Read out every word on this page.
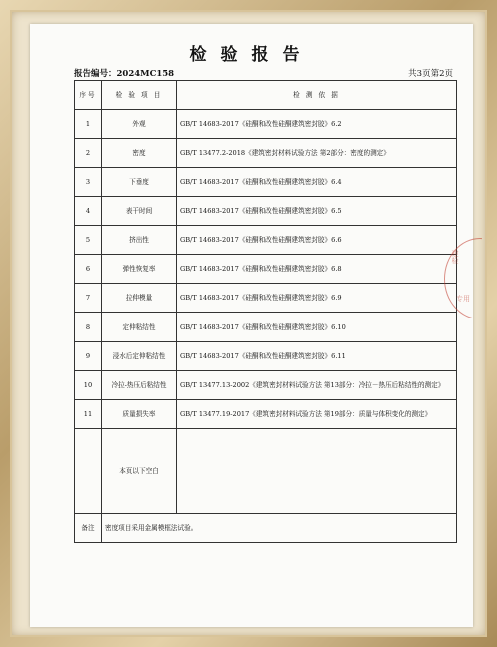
检验报告
报告编号：2024MC158	共3页第2页
序号	检 验 项 目	检 测 依 据
1	外观	GB/T 14683-2017《硅酮和改性硅酮建筑密封胶》6.2
2	密度	GB/T 13477.2-2018《建筑密封材料试验方法 第2部分：密度的测定》
3	下垂度	GB/T 14683-2017《硅酮和改性硅酮建筑密封胶》6.4
4	表干时间	GB/T 14683-2017《硅酮和改性硅酮建筑密封胶》6.5
5	挤出性	GB/T 14683-2017《硅酮和改性硅酮建筑密封胶》6.6
6	弹性恢复率	GB/T 14683-2017《硅酮和改性硅酮建筑密封胶》6.8
7	拉伸模量	GB/T 14683-2017《硅酮和改性硅酮建筑密封胶》6.9
8	定伸粘结性	GB/T 14683-2017《硅酮和改性硅酮建筑密封胶》6.10
9	浸水后定伸粘结性	GB/T 14683-2017《硅酮和改性硅酮建筑密封胶》6.11
10	冷拉-热压后粘结性	GB/T 13477.13-2002《建筑密封材料试验方法 第13部分：冷拉－热压后粘结性的测定》
11	质量损失率	GB/T 13477.19-2017《建筑密封材料试验方法 第19部分：质量与体积变化的测定》
	本页以下空白	
备注	密度项目采用金属模框法试验。	
建检
专用
